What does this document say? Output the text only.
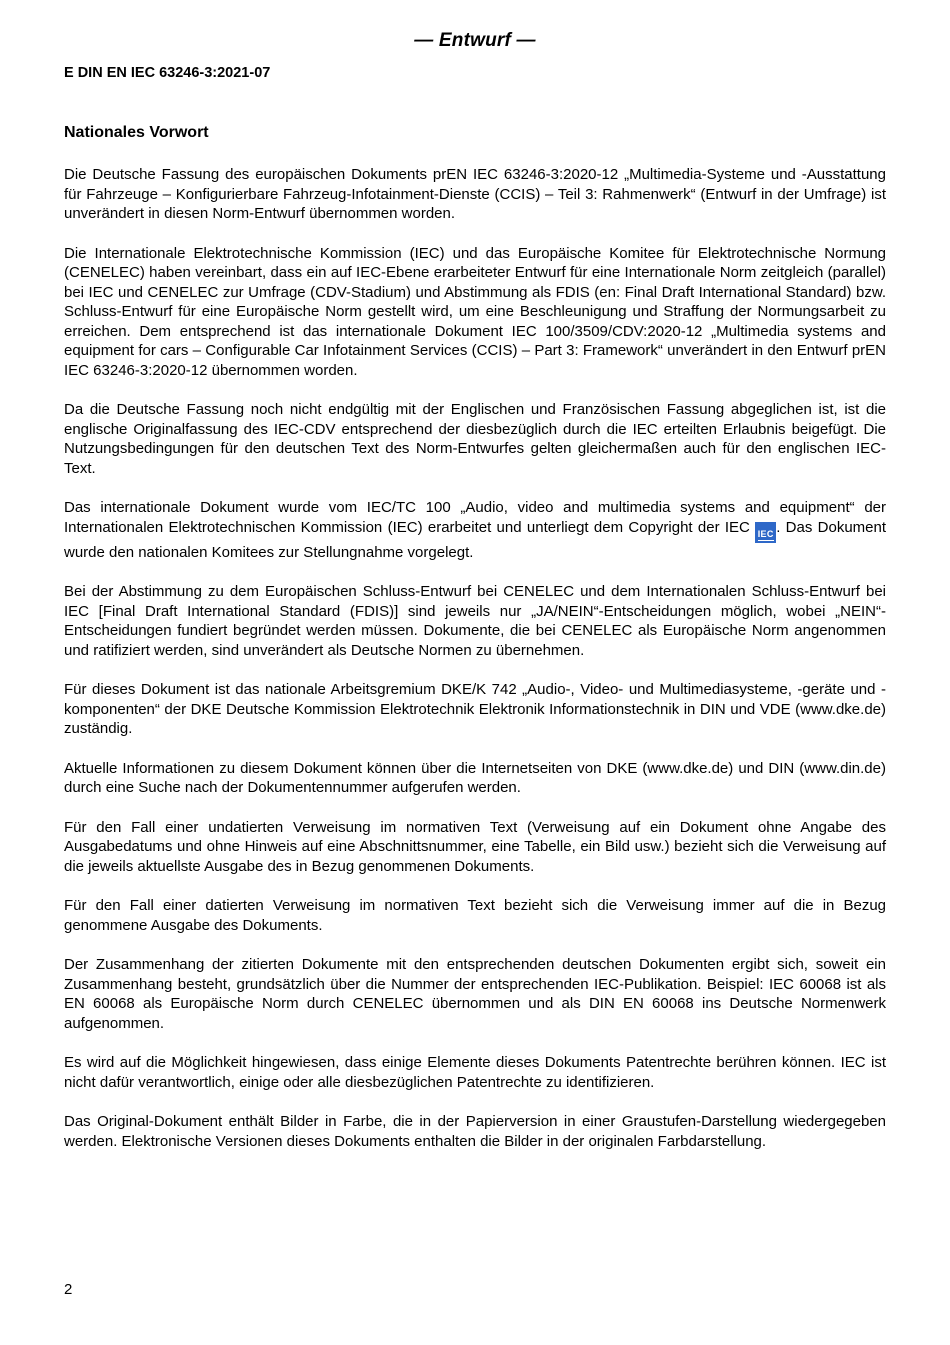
— Entwurf —
E DIN EN IEC 63246-3:2021-07
Nationales Vorwort

Die Deutsche Fassung des europäischen Dokuments prEN IEC 63246-3:2020-12 „Multimedia-Systeme und -Ausstattung für Fahrzeuge – Konfigurierbare Fahrzeug-Infotainment-Dienste (CCIS) – Teil 3: Rahmenwerk“ (Entwurf in der Umfrage) ist unverändert in diesen Norm-Entwurf übernommen worden.

Die Internationale Elektrotechnische Kommission (IEC) und das Europäische Komitee für Elektrotechnische Normung (CENELEC) haben vereinbart, dass ein auf IEC-Ebene erarbeiteter Entwurf für eine Internationale Norm zeitgleich (parallel) bei IEC und CENELEC zur Umfrage (CDV-Stadium) und Abstimmung als FDIS (en: Final Draft International Standard) bzw. Schluss-Entwurf für eine Europäische Norm gestellt wird, um eine Beschleunigung und Straffung der Normungsarbeit zu erreichen. Dem entsprechend ist das internationale Dokument IEC 100/3509/CDV:2020-12 „Multimedia systems and equipment for cars – Configurable Car Infotainment Services (CCIS) – Part 3: Framework“ unverändert in den Entwurf prEN IEC 63246-3:2020-12 übernommen worden.

Da die Deutsche Fassung noch nicht endgültig mit der Englischen und Französischen Fassung abgeglichen ist, ist die englische Originalfassung des IEC-CDV entsprechend der diesbezüglich durch die IEC erteilten Erlaubnis beigefügt. Die Nutzungsbedingungen für den deutschen Text des Norm-Entwurfes gelten gleichermaßen auch für den englischen IEC-Text.

Das internationale Dokument wurde vom IEC/TC 100 „Audio, video and multimedia systems and equipment“ der Internationalen Elektrotechnischen Kommission (IEC) erarbeitet und unterliegt dem Copyright der IEC IEC . Das Dokument wurde den nationalen Komitees zur Stellungnahme vorgelegt.

Bei der Abstimmung zu dem Europäischen Schluss-Entwurf bei CENELEC und dem Internationalen Schluss-Entwurf bei IEC [Final Draft International Standard (FDIS)] sind jeweils nur „JA/NEIN“-Entscheidungen möglich, wobei „NEIN“-Entscheidungen fundiert begründet werden müssen. Dokumente, die bei CENELEC als Europäische Norm angenommen und ratifiziert werden, sind unverändert als Deutsche Normen zu übernehmen.

Für dieses Dokument ist das nationale Arbeitsgremium DKE/K 742 „Audio-, Video- und Multimediasysteme, -geräte und -komponenten“ der DKE Deutsche Kommission Elektrotechnik Elektronik Informationstechnik in DIN und VDE (www.dke.de) zuständig.

Aktuelle Informationen zu diesem Dokument können über die Internetseiten von DKE (www.dke.de) und DIN (www.din.de) durch eine Suche nach der Dokumentennummer aufgerufen werden.

Für den Fall einer undatierten Verweisung im normativen Text (Verweisung auf ein Dokument ohne Angabe des Ausgabedatums und ohne Hinweis auf eine Abschnittsnummer, eine Tabelle, ein Bild usw.) bezieht sich die Verweisung auf die jeweils aktuellste Ausgabe des in Bezug genommenen Dokuments.

Für den Fall einer datierten Verweisung im normativen Text bezieht sich die Verweisung immer auf die in Bezug genommene Ausgabe des Dokuments.

Der Zusammenhang der zitierten Dokumente mit den entsprechenden deutschen Dokumenten ergibt sich, soweit ein Zusammenhang besteht, grundsätzlich über die Nummer der entsprechenden IEC-Publikation. Beispiel: IEC 60068 ist als EN 60068 als Europäische Norm durch CENELEC übernommen und als DIN EN 60068 ins Deutsche Normenwerk aufgenommen.

Es wird auf die Möglichkeit hingewiesen, dass einige Elemente dieses Dokuments Patentrechte berühren können. IEC ist nicht dafür verantwortlich, einige oder alle diesbezüglichen Patentrechte zu identifizieren.

Das Original-Dokument enthält Bilder in Farbe, die in der Papierversion in einer Graustufen-Darstellung wiedergegeben werden. Elektronische Versionen dieses Dokuments enthalten die Bilder in der originalen Farbdarstellung.

2
